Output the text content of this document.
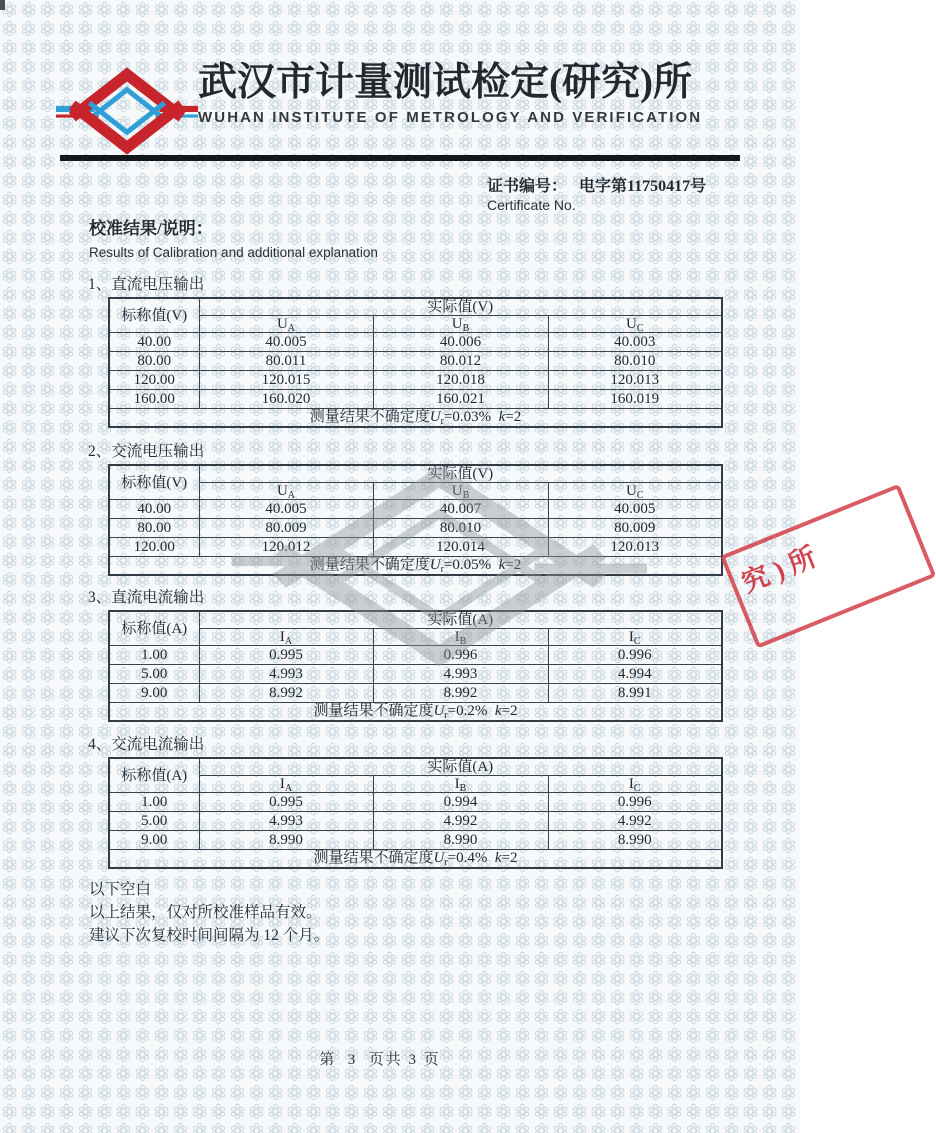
武汉市计量测试检定(研究)所
WUHAN INSTITUTE OF METROLOGY AND VERIFICATION
证书编号： 电字第11750417号
Certificate No.
校准结果/说明：
Results of Calibration and additional explanation
1、直流电压输出
标称值(V)	实际值(V)		
	$U_A$	$U_B$	$U_C$
40.00	40.005	40.006	40.003
80.00	80.011	80.012	80.010
120.00	120.015	120.018	120.013
160.00	160.020	160.021	160.019
测量结果不确定度$U_r=0.03\%$ k=2			
2、交流电压输出
标称值(V)	实际值(V)		
	$U_A$	$U_B$	$U_C$
40.00	40.005	40.007	40.005
80.00	80.009	80.010	80.009
120.00	120.012	120.014	120.013
测量结果不确定度$U_r=0.05\%$ k=2			
3、直流电流输出
标称值(A)	实际值(A)		
	$I_A$	$I_B$	$I_C$
1.00	0.995	0.996	0.996
5.00	4.993	4.993	4.994
9.00	8.992	8.992	8.991
测量结果不确定度$U_r=0.2\%$ k=2			
4、交流电流输出
标称值(A)	实际值(A)		
	$I_A$	$I_B$	$I_C$
1.00	0.995	0.994	0.996
5.00	4.993	4.992	4.992
9.00	8.990	8.990	8.990
测量结果不确定度$U_r=0.4\%$ k=2			
以下空白
以上结果，仅对所校准样品有效。
建议下次复校时间间隔为 12 个月。
第  3  页共 3 页
究)所
